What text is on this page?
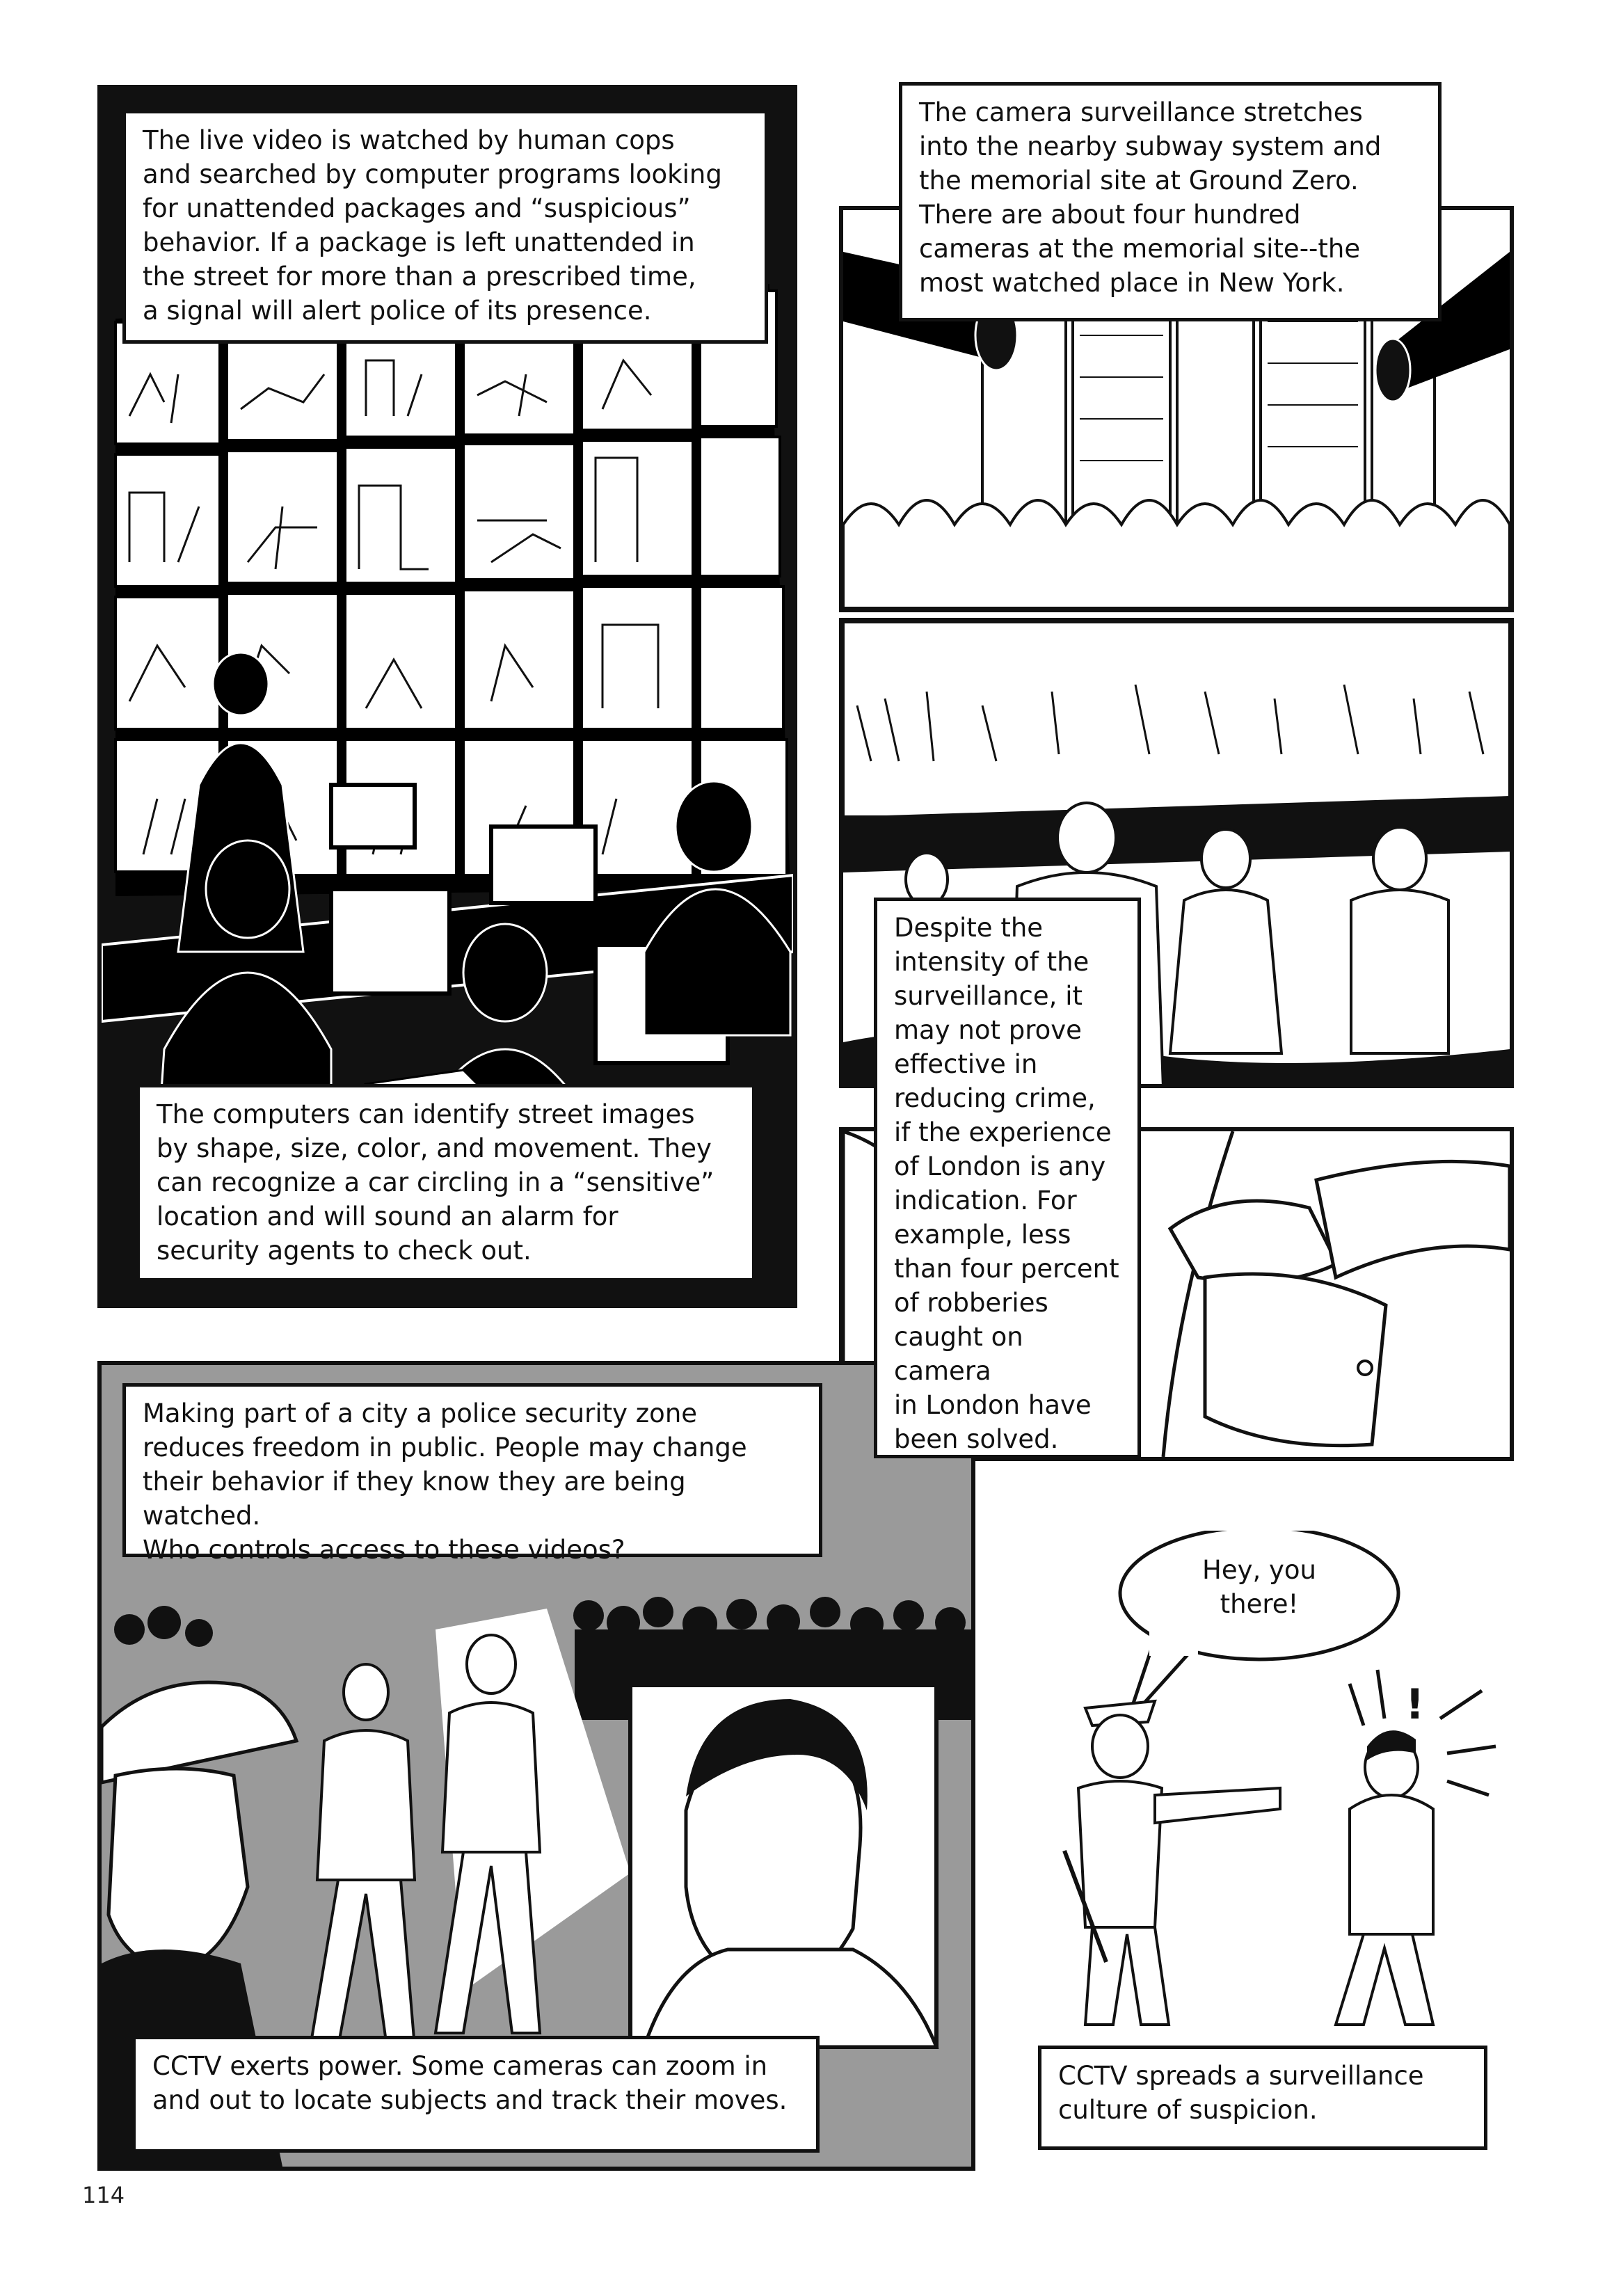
The live video is watched by human cops
and searched by computer programs looking
for unattended packages and “suspicious”
behavior. If a package is left unattended in
the street for more than a prescribed time,
a signal will alert police of its presence.
The computers can identify street images
by shape, size, color, and movement. They
can recognize a car circling in a “sensitive”
location and will sound an alarm for
security agents to check out.
The camera surveillance stretches
into the nearby subway system and
the memorial site at Ground Zero.
There are about four hundred
cameras at the memorial site--the
most watched place in New York.
Despite the
intensity of the
surveillance, it
may not prove
effective in
reducing crime,
if the experience
of London is any
indication. For
example, less
than four percent
of robberies
caught on camera
in London have
been solved.
Making part of a city a police security zone
reduces freedom in public. People may change
their behavior if they know they are being watched.
Who controls access to these videos?
CCTV exerts power. Some cameras can zoom in
and out to locate subjects and track their moves.
!
Hey, you
there!
CCTV spreads a surveillance
culture of suspicion.
114
